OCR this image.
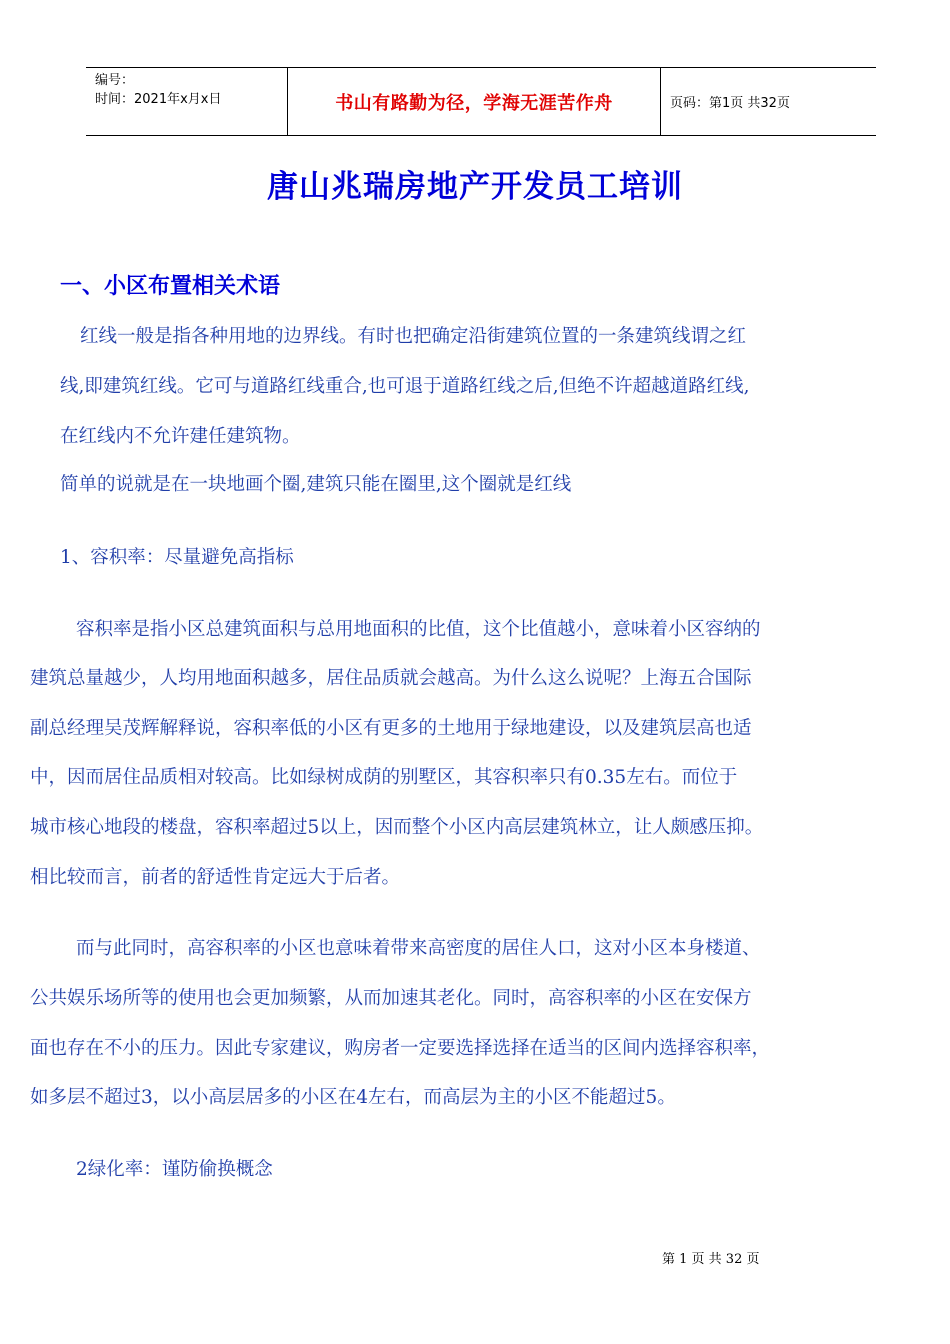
编号：
时间：2021年x月x日	书山有路勤为径，学海无涯苦作舟	页码：第1页 共32页
唐山兆瑞房地产开发员工培训
一、小区布置相关术语

红线一般是指各种用地的边界线。有时也把确定沿街建筑位置的一条建筑线谓之红

线,即建筑红线。它可与道路红线重合,也可退于道路红线之后,但绝不许超越道路红线,

在红线内不允许建任建筑物。

简单的说就是在一块地画个圈,建筑只能在圈里,这个圈就是红线

1、容积率：尽量避免高指标

容积率是指小区总建筑面积与总用地面积的比值，这个比值越小，意味着小区容纳的

建筑总量越少，人均用地面积越多，居住品质就会越高。为什么这么说呢？上海五合国际

副总经理吴茂辉解释说，容积率低的小区有更多的土地用于绿地建设，以及建筑层高也适

中，因而居住品质相对较高。比如绿树成荫的别墅区，其容积率只有0.35左右。而位于

城市核心地段的楼盘，容积率超过5以上，因而整个小区内高层建筑林立，让人颇感压抑。

相比较而言，前者的舒适性肯定远大于后者。

而与此同时，高容积率的小区也意味着带来高密度的居住人口，这对小区本身楼道、

公共娱乐场所等的使用也会更加频繁，从而加速其老化。同时，高容积率的小区在安保方

面也存在不小的压力。因此专家建议，购房者一定要选择选择在适当的区间内选择容积率，

如多层不超过3，以小高层居多的小区在4左右，而高层为主的小区不能超过5。

2绿化率：谨防偷换概念

第 1 页 共 32 页
